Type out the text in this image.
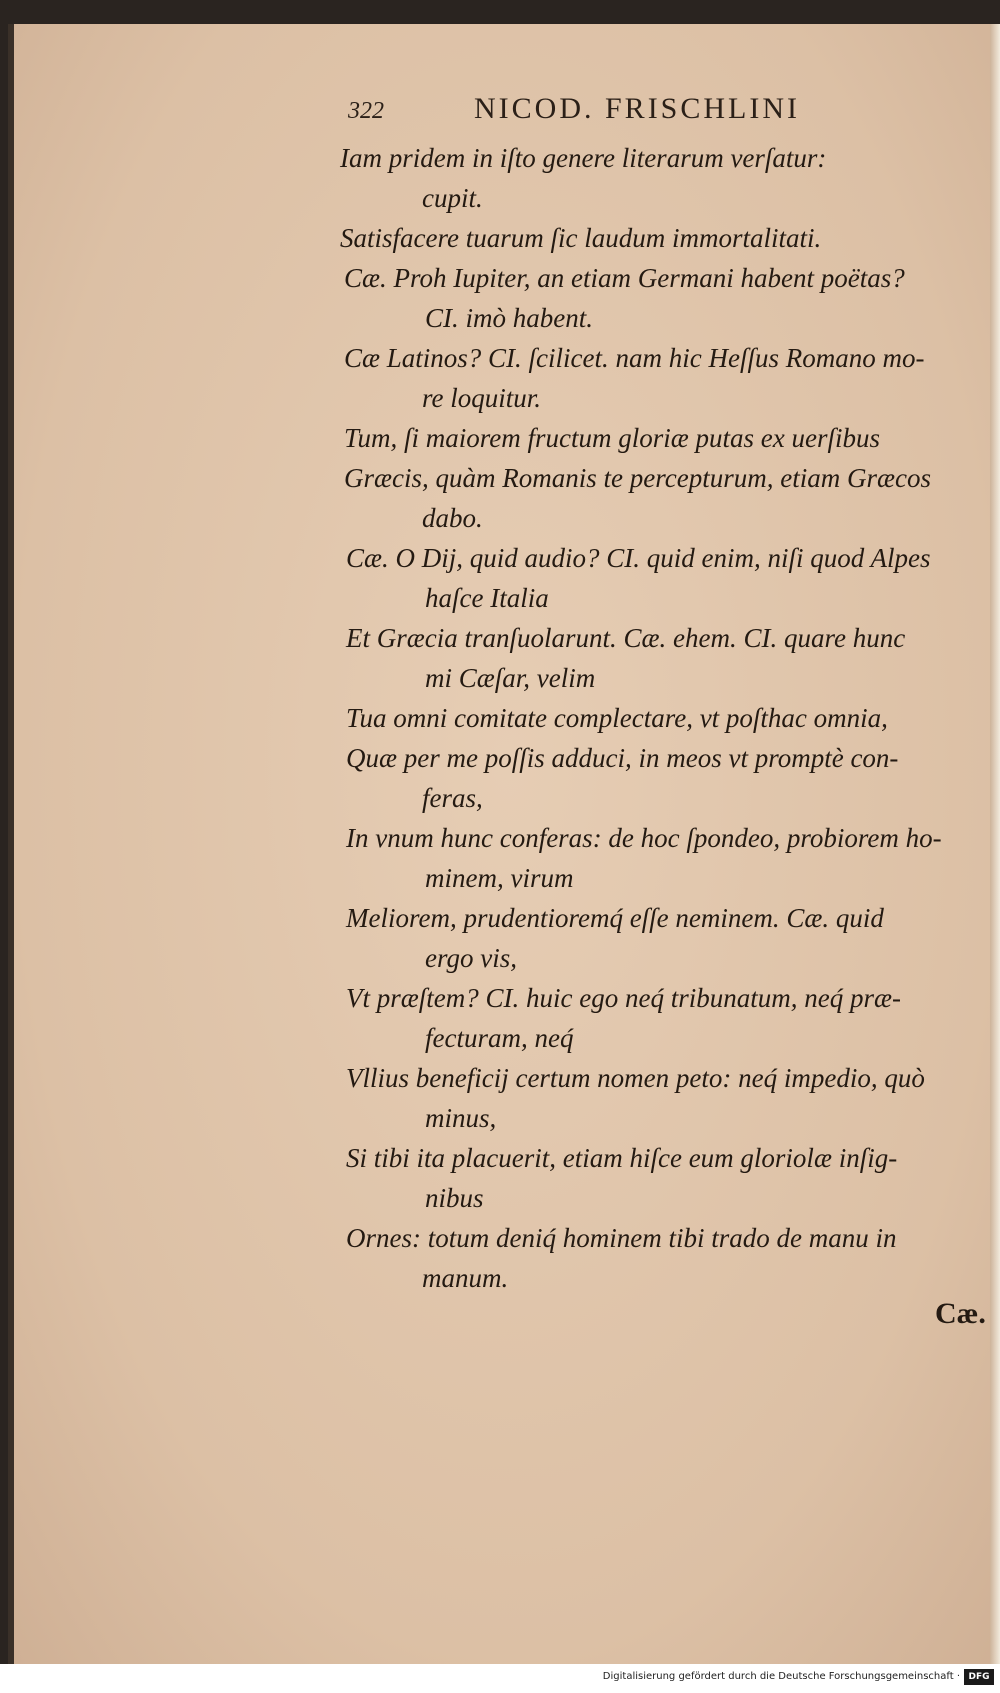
322	NICOD. FRISCHLINI
Iam pridem in iſto genere literarum verſatur:
cupit.
Satisfacere tuarum ſic laudum immortalitati.
Cæ. Proh Iupiter, an etiam Germani habent poëtas?
CI. imò habent.
Cæ Latinos? CI. ſcilicet. nam hic Heſſus Romano mo-
re loquitur.
Tum, ſi maiorem fructum gloriæ putas ex uerſibus
Græcis, quàm Romanis te percepturum, etiam Græcos
dabo.
Cæ. O Dij, quid audio? CI. quid enim, niſi quod Alpes
haſce Italia
Et Græcia tranſuolarunt. Cæ. ehem. CI. quare hunc
mi Cæſar, velim
Tua omni comitate complectare, vt poſthac omnia,
Quæ per me poſſis adduci, in meos vt promptè con-
feras,
In vnum hunc conferas: de hoc ſpondeo, probiorem ho-
minem, virum
Meliorem, prudentioremq́ eſſe neminem. Cæ. quid
ergo vis,
Vt præſtem? CI. huic ego neq́ tribunatum, neq́ præ-
fecturam, neq́
Vllius beneficij certum nomen peto: neq́ impedio, quò
minus,
Si tibi ita placuerit, etiam hiſce eum gloriolæ inſig-
nibus
Ornes: totum deniq́ hominem tibi trado de manu in
manum.
Cæ.
Digitalisierung gefördert durch die Deutsche Forschungsgemeinschaft · DFG
